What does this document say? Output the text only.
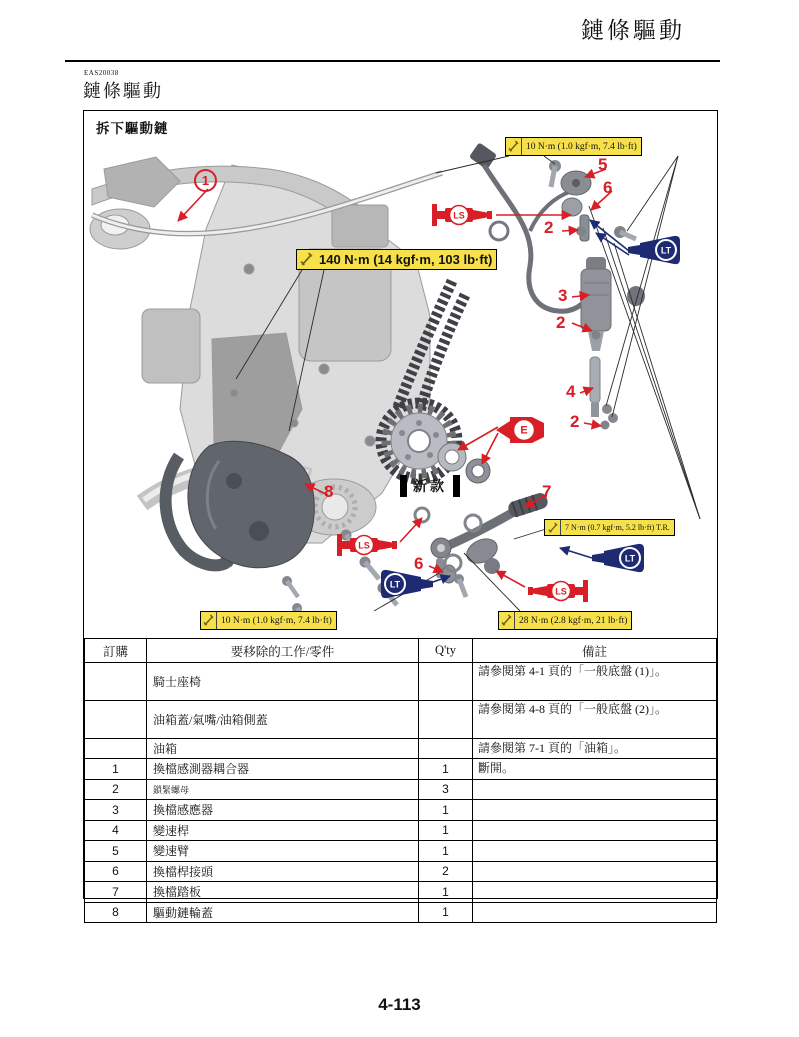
鏈條驅動
EAS20038
鏈條驅動
拆下驅動鏈
10 N·m (1.0 kgf·m, 7.4 lb·ft)
140 N·m (14 kgf·m, 103 lb·ft)
7 N·m (0.7 kgf·m, 5.2 lb·ft) T.R.
10 N·m (1.0 kgf·m, 7.4 lb·ft)	28 N·m (2.8 kgf·m, 21 lb·ft)
1
5
6
2
3
2
4
2
7
8
6
LS
LS
LS
LT
LT
LT
E
新款
訂購	要移除的工作/零件	Q'ty	備註
	騎士座椅		請參閱第 4-1 頁的「一般底盤 (1)」。
	油箱蓋/氣嘴/油箱側蓋		請參閱第 4-8 頁的「一般底盤 (2)」。
	油箱		請參閱第 7-1 頁的「油箱」。
1	換檔感測器耦合器	1	斷開。
2	鎖緊螺母	3	
3	換檔感應器	1	
4	變速桿	1	
5	變速臂	1	
6	換檔桿接頭	2	
7	換檔踏板	1	
8	驅動鏈輪蓋	1	
4-113
